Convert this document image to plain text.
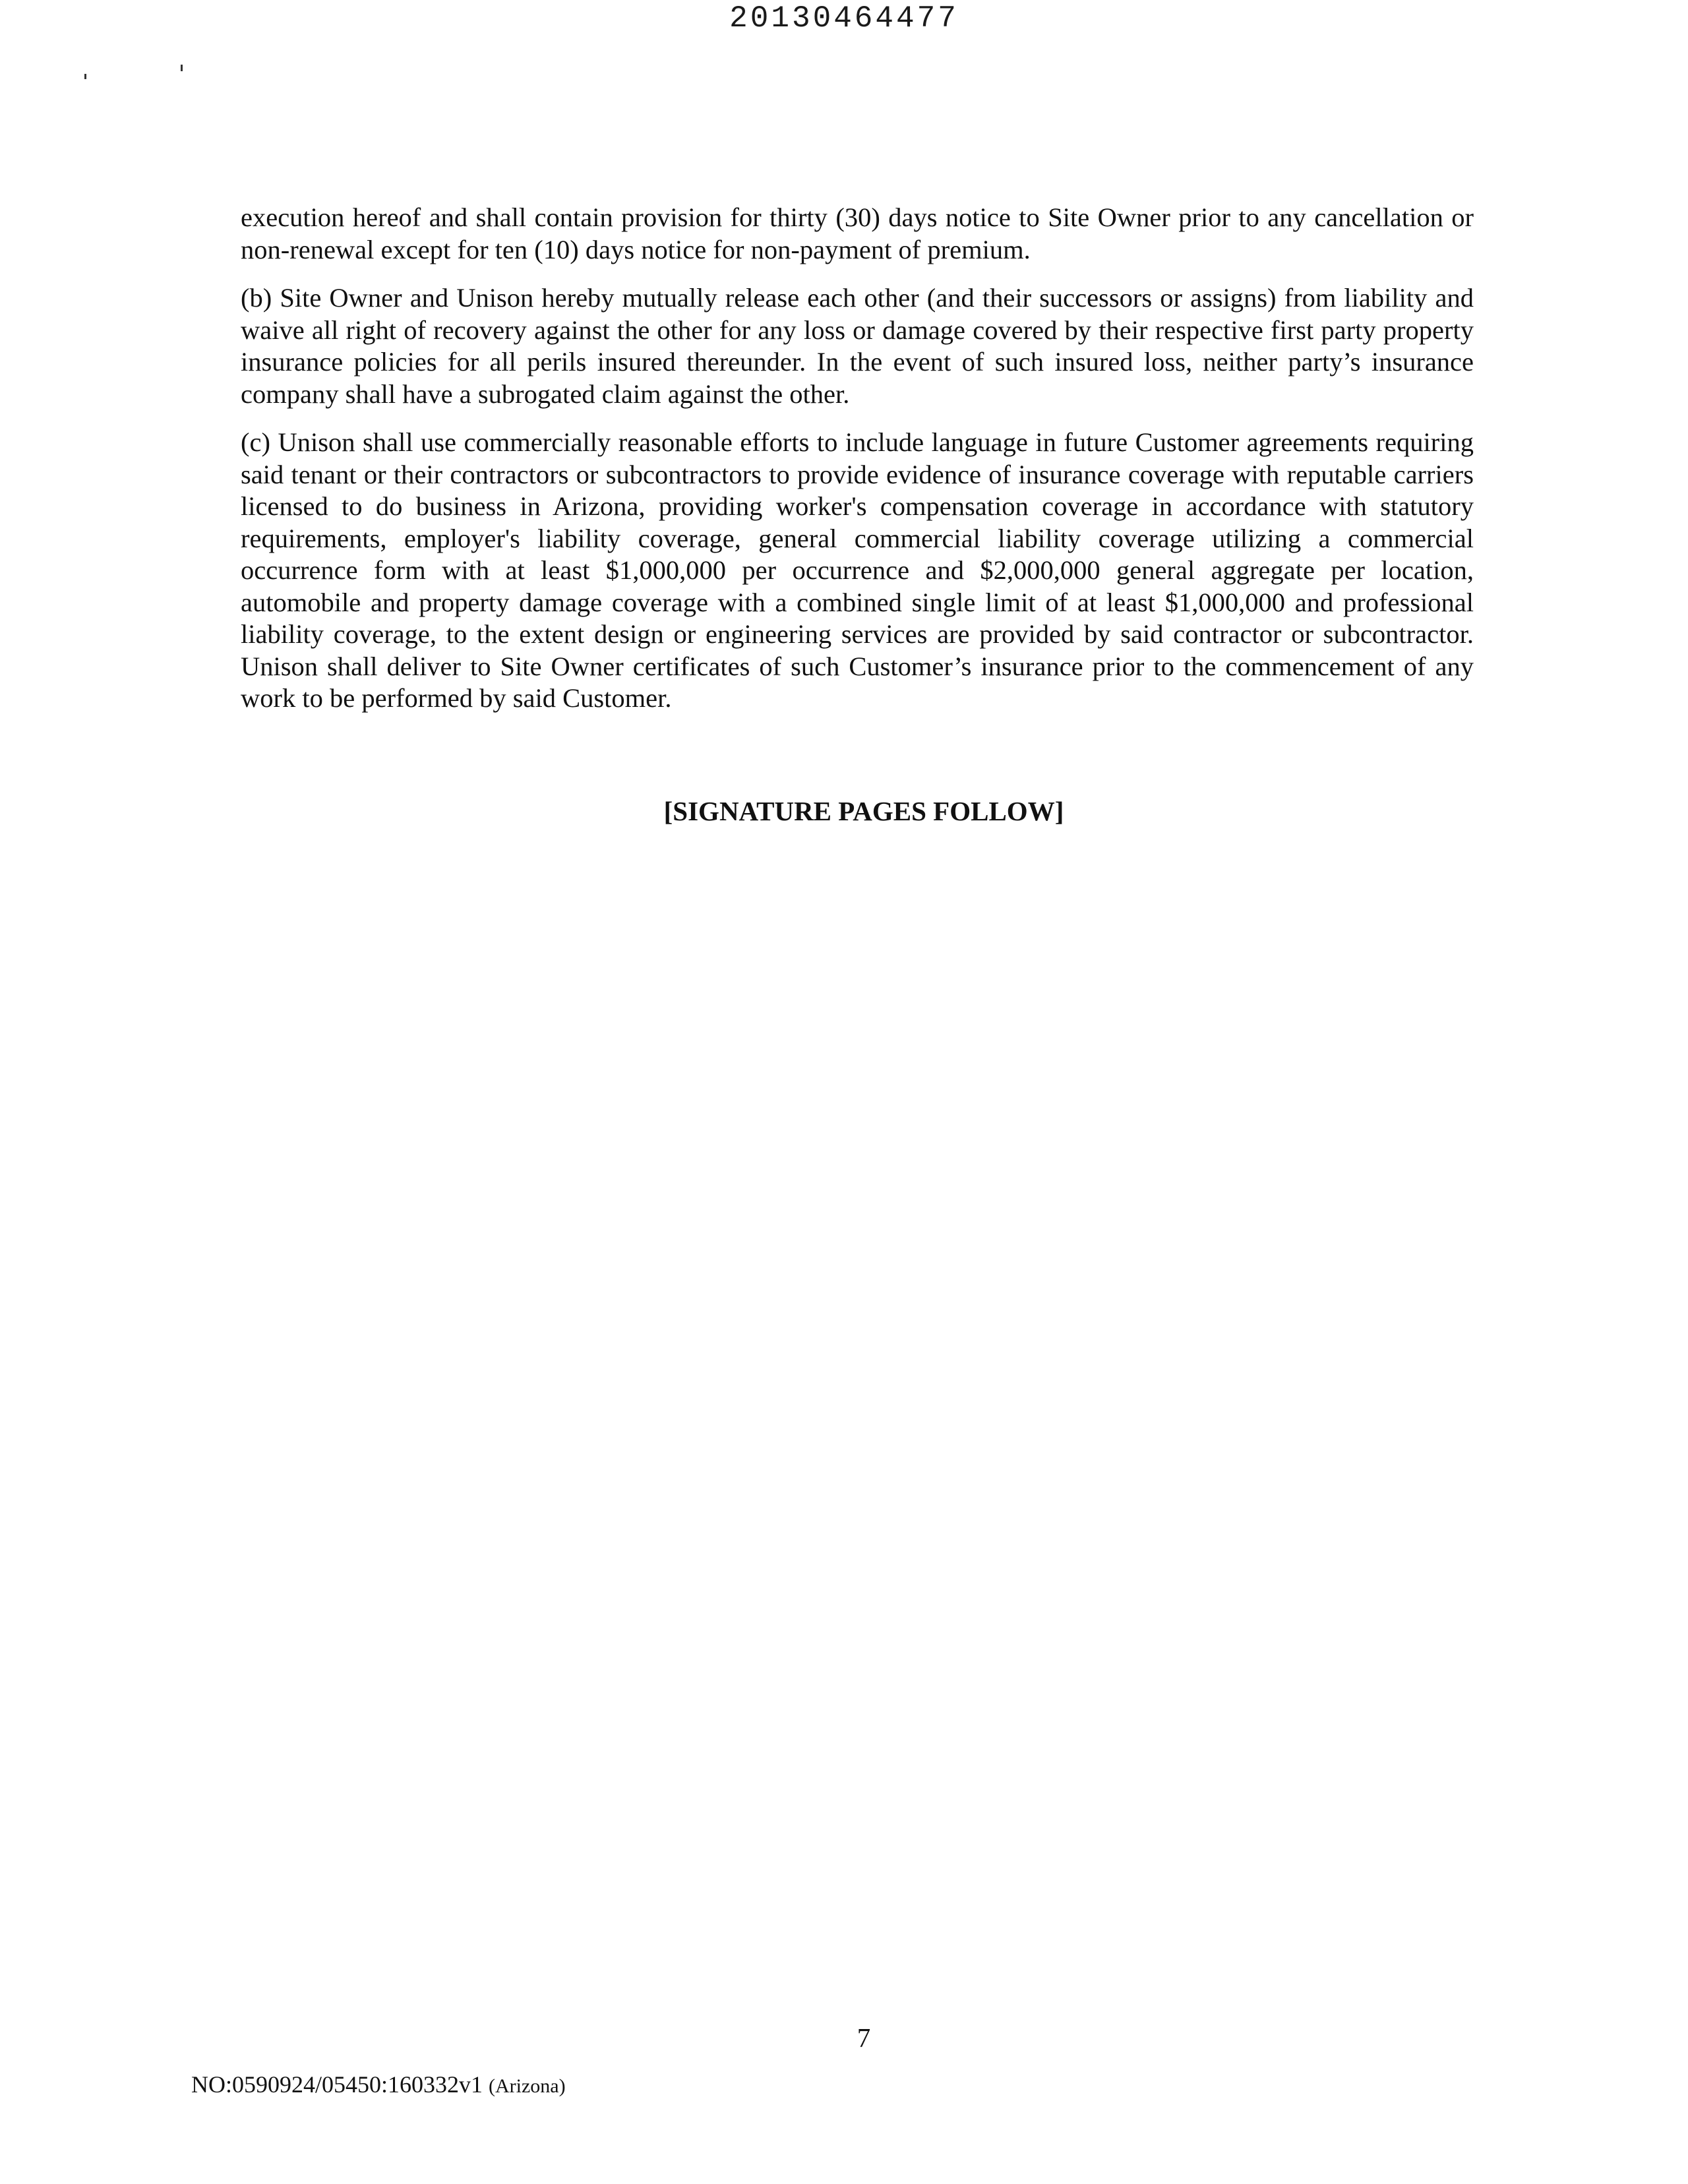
20130464477

execution hereof and shall contain provision for thirty (30) days notice to Site Owner prior to any cancellation or non-renewal except for ten (10) days notice for non-payment of premium.

(b) Site Owner and Unison hereby mutually release each other (and their successors or assigns) from liability and waive all right of recovery against the other for any loss or damage covered by their respective first party property insurance policies for all perils insured thereunder. In the event of such insured loss, neither party’s insurance company shall have a subrogated claim against the other.

(c) Unison shall use commercially reasonable efforts to include language in future Customer agreements requiring said tenant or their contractors or subcontractors to provide evidence of insurance coverage with reputable carriers licensed to do business in Arizona, providing worker's compensation coverage in accordance with statutory requirements, employer's liability coverage, general commercial liability coverage utilizing a commercial occurrence form with at least $1,000,000 per occurrence and $2,000,000 general aggregate per location, automobile and property damage coverage with a combined single limit of at least $1,000,000 and professional liability coverage, to the extent design or engineering services are provided by said contractor or subcontractor. Unison shall deliver to Site Owner certificates of such Customer’s insurance prior to the commencement of any work to be performed by said Customer.

[SIGNATURE PAGES FOLLOW]
7
NO:0590924/05450:160332v1 (Arizona)
